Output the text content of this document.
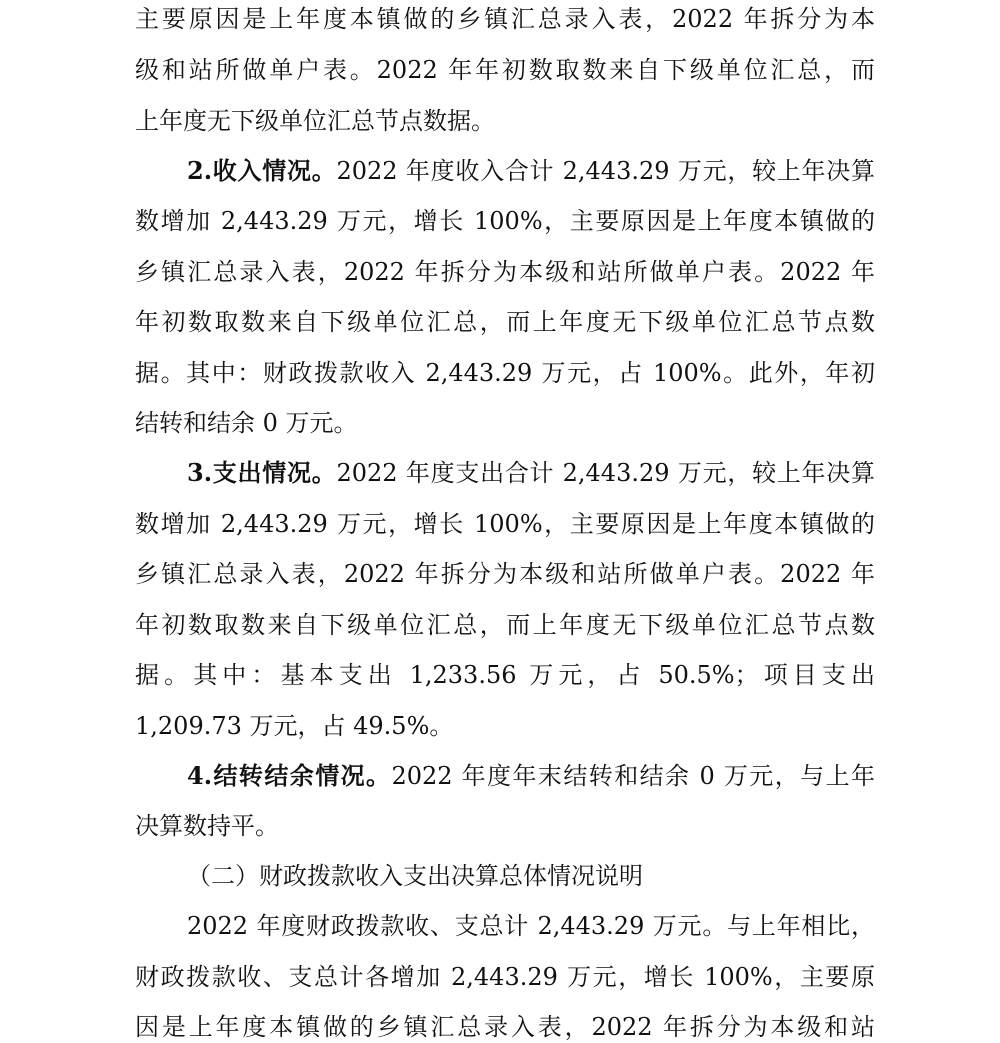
主要原因是上年度本镇做的乡镇汇总录入表，2022 年拆分为本
级和站所做单户表。2022 年年初数取数来自下级单位汇总，而
上年度无下级单位汇总节点数据。
2.收入情况。2022 年度收入合计 2,443.29 万元，较上年决算
数增加 2,443.29 万元，增长 100%，主要原因是上年度本镇做的
乡镇汇总录入表，2022 年拆分为本级和站所做单户表。2022 年
年初数取数来自下级单位汇总，而上年度无下级单位汇总节点数
据。其中：财政拨款收入 2,443.29 万元，占 100%。此外，年初
结转和结余 0 万元。
3.支出情况。2022 年度支出合计 2,443.29 万元，较上年决算
数增加 2,443.29 万元，增长 100%，主要原因是上年度本镇做的
乡镇汇总录入表，2022 年拆分为本级和站所做单户表。2022 年
年初数取数来自下级单位汇总，而上年度无下级单位汇总节点数
据。其中：基本支出 1,233.56 万元，占 50.5%；项目支出
1,209.73 万元，占 49.5%。
4.结转结余情况。2022 年度年末结转和结余 0 万元，与上年
决算数持平。
（二）财政拨款收入支出决算总体情况说明
2022 年度财政拨款收、支总计 2,443.29 万元。与上年相比，
财政拨款收、支总计各增加 2,443.29 万元，增长 100%，主要原
因是上年度本镇做的乡镇汇总录入表，2022 年拆分为本级和站
